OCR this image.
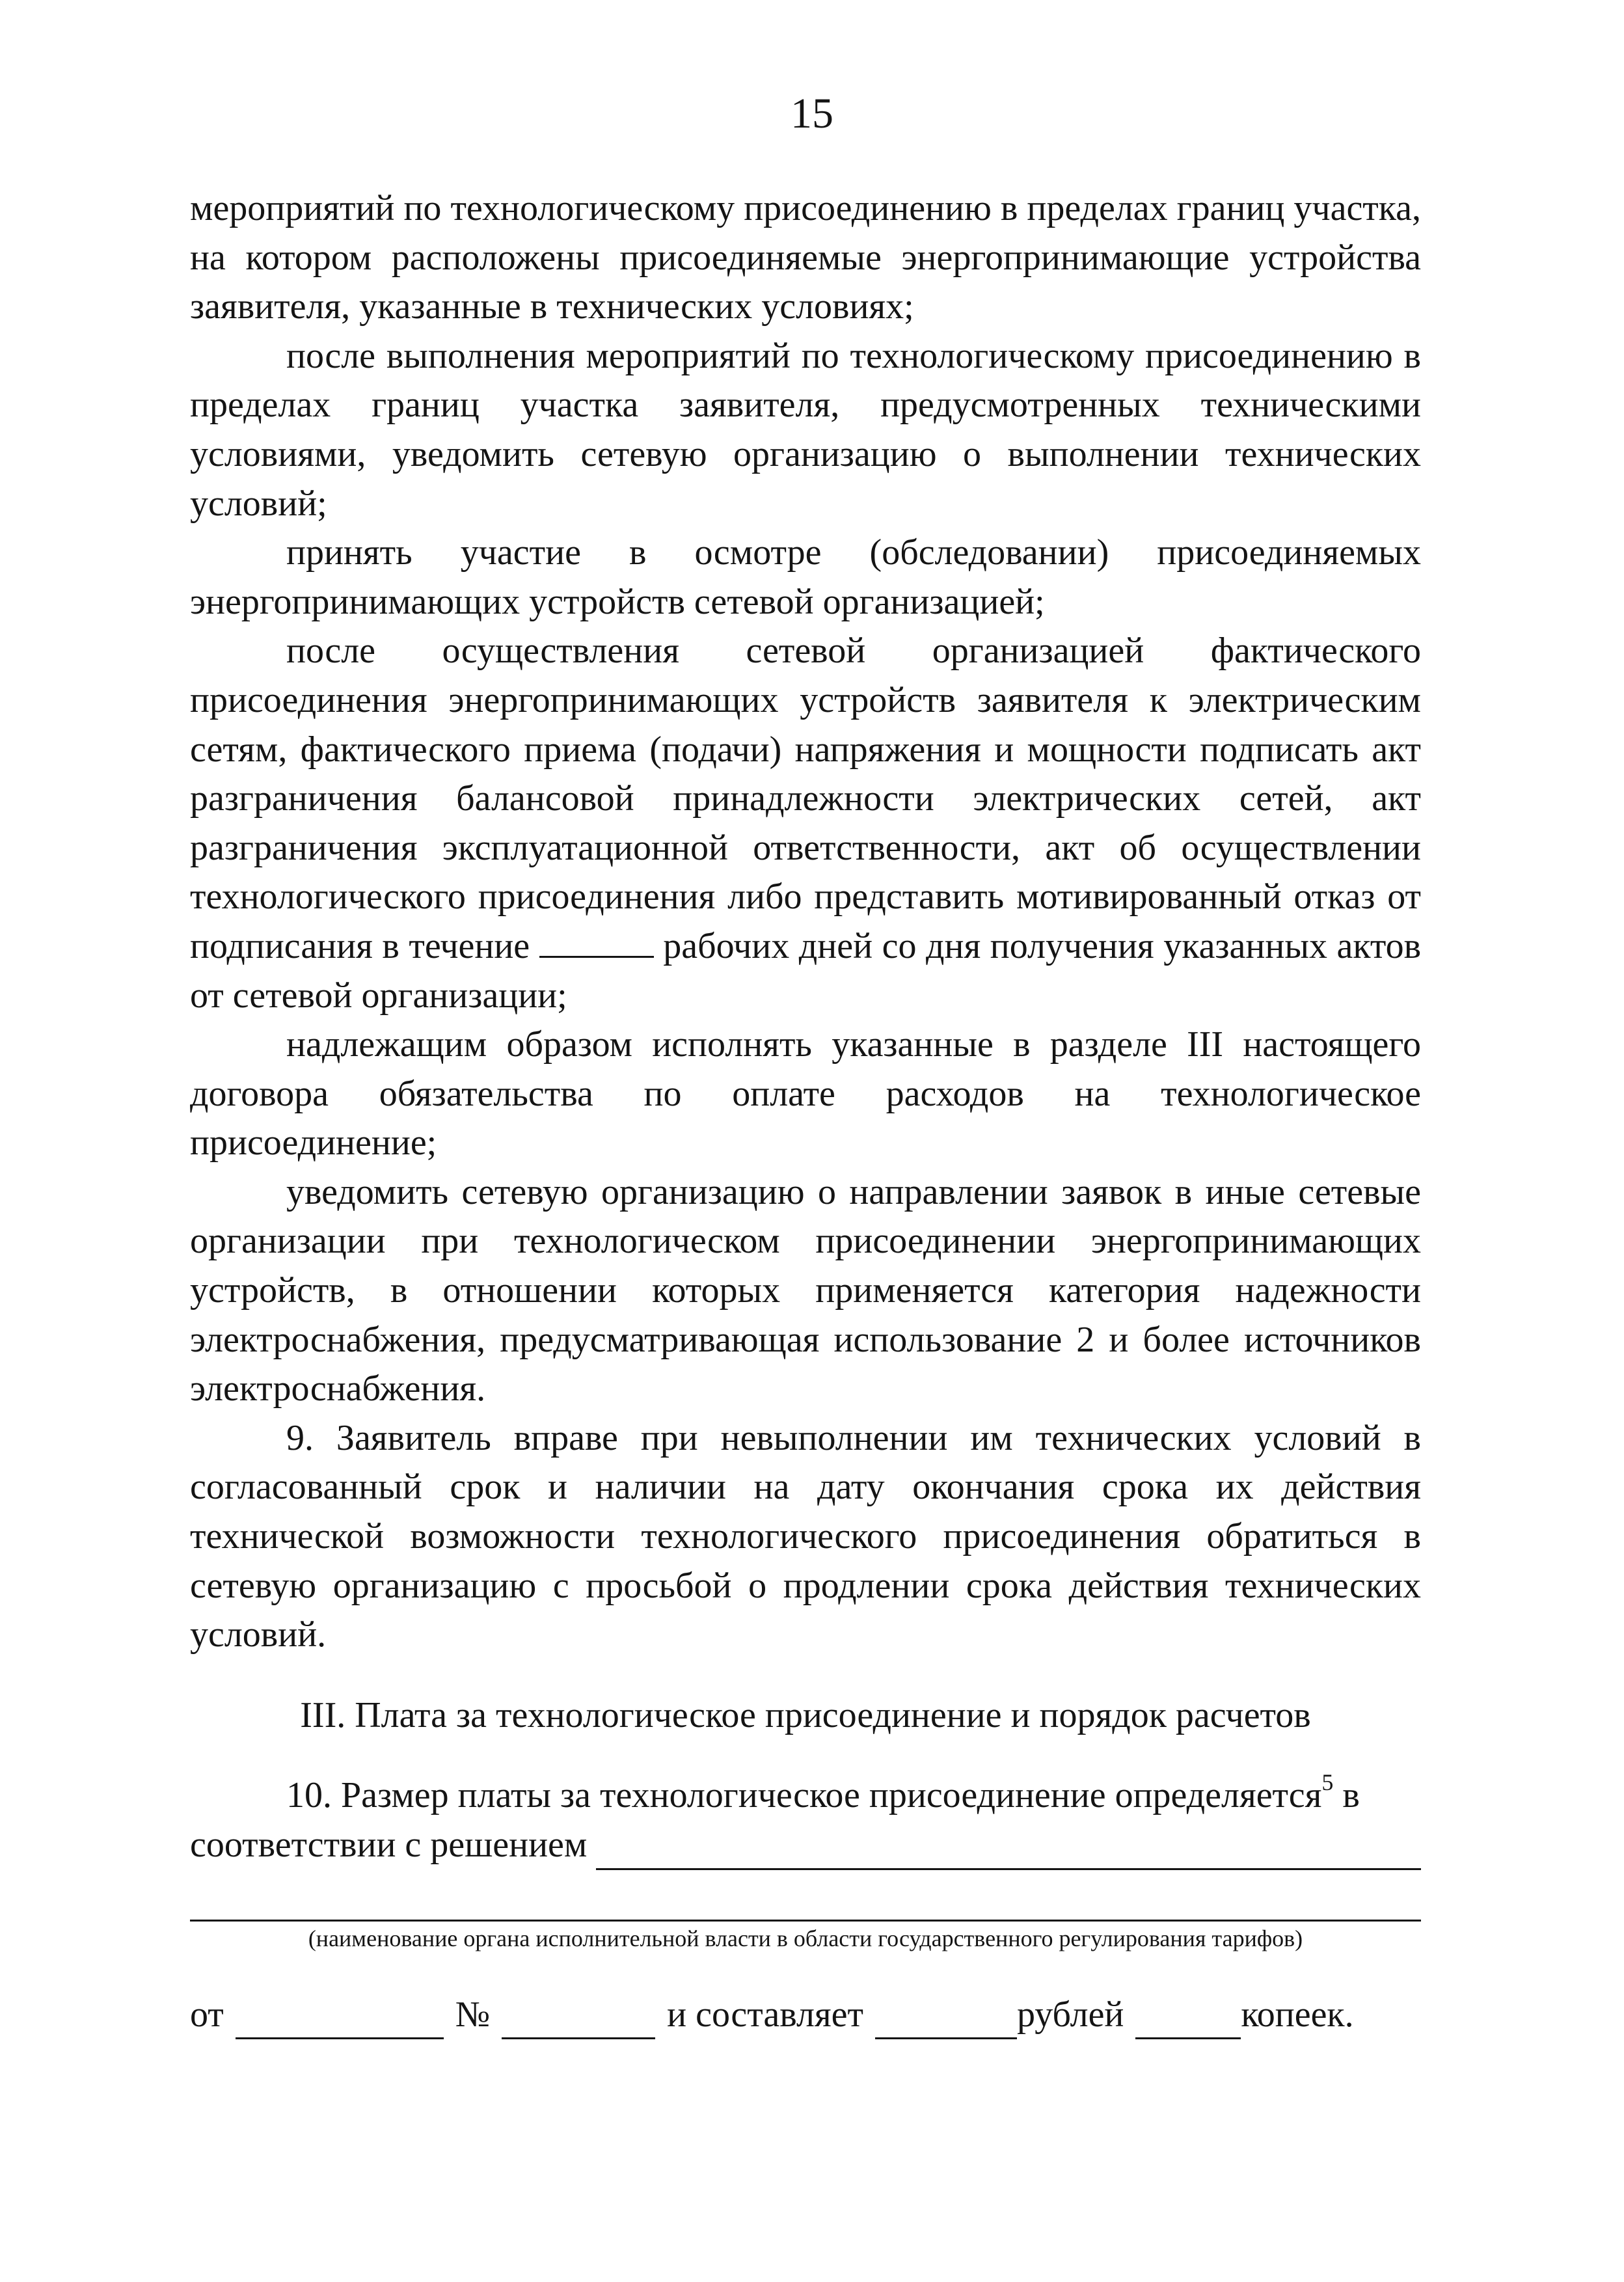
15

мероприятий по технологическому присоединению в пределах границ участка, на котором расположены присоединяемые энергопринимающие устройства заявителя, указанные в технических условиях;

после выполнения мероприятий по технологическому присоединению в пределах границ участка заявителя, предусмотренных техническими условиями, уведомить сетевую организацию о выполнении технических условий;

принять участие в осмотре (обследовании) присоединяемых энергопринимающих устройств сетевой организацией;

после осуществления сетевой организацией фактического присоединения энергопринимающих устройств заявителя к электрическим сетям, фактического приема (подачи) напряжения и мощности подписать акт разграничения балансовой принадлежности электрических сетей, акт разграничения эксплуатационной ответственности, акт об осуществлении технологического присоединения либо представить мотивированный отказ от подписания в течение	рабочих дней со дня получения указанных актов от сетевой организации;

надлежащим образом исполнять указанные в разделе III настоящего договора обязательства по оплате расходов на технологическое присоединение;

уведомить сетевую организацию о направлении заявок в иные сетевые организации при технологическом присоединении энергопринимающих устройств, в отношении которых применяется категория надежности электроснабжения, предусматривающая использование 2 и более источников электроснабжения.

9. Заявитель вправе при невыполнении им технических условий в согласованный срок и наличии на дату окончания срока их действия технической возможности технологического присоединения обратиться в сетевую организацию с просьбой о продлении срока действия технических условий.

III. Плата за технологическое присоединение и порядок расчетов

10. Размер платы за технологическое присоединение определяется$^5$ в

соответствии с решением
(наименование органа исполнительной власти в области государственного регулирования тарифов)
от	№	и составляет	рублей	копеек.
